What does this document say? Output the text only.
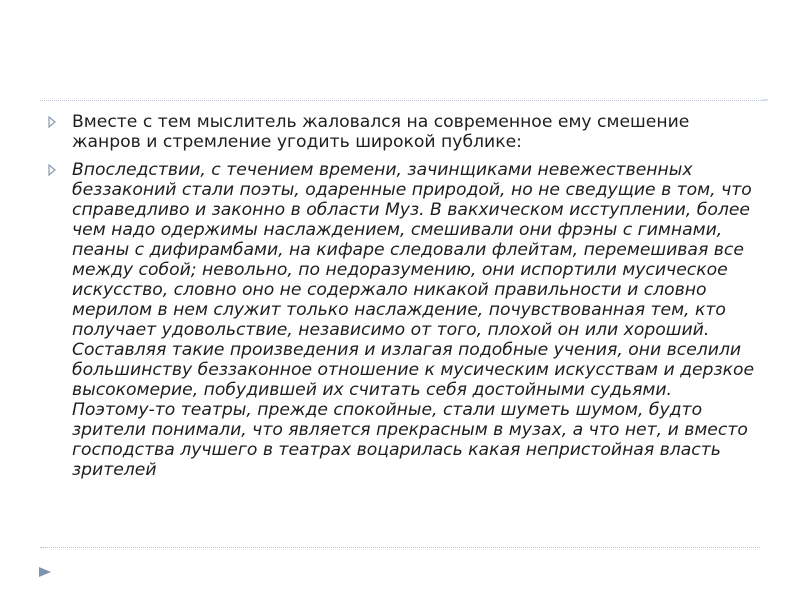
Вместе с тем мыслитель жаловался на современное ему смешение жанров и стремление угодить широкой публике:
Впоследствии, с течением времени, зачинщиками невежественных беззаконий стали поэты, одаренные природой, но не сведущие в том, что справедливо и законно в области Муз. В вакхическом исступлении, более чем надо одержимы наслаждением, смешивали они фрэны с гимнами, пеаны с дифирамбами, на кифаре следовали флейтам, перемешивая все между собой; невольно, по недоразумению, они испортили мусическое искусство, словно оно не содержало никакой правильности и словно мерилом в нем служит только наслаждение, почувствованная тем, кто получает удовольствие, независимо от того, плохой он или хороший. Составляя такие произведения и излагая подобные учения, они вселили большинству беззаконное отношение к мусическим искусствам и дерзкое высокомерие, побудившей их считать себя достойными судьями. Поэтому-то театры, прежде спокойные, стали шуметь шумом, будто зрители понимали, что является прекрасным в музах, а что нет, и вместо господства лучшего в театрах воцарилась какая непристойная власть зрителей
